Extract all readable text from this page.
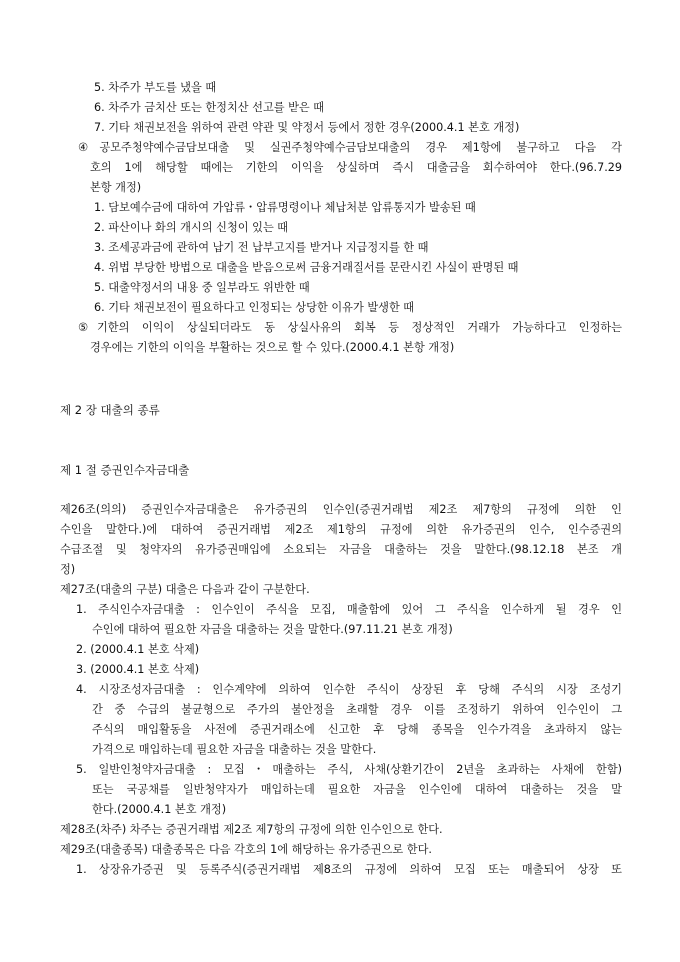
5. 차주가 부도를 냈을 때
6. 차주가 금치산 또는 한정치산 선고를 받은 때
7. 기타 채권보전을 위하여 관련 약관 및 약정서 등에서 정한 경우(2000.4.1 본호 개정)
④공모주청약예수금담보대출 및 실권주청약예수금담보대출의 경우 제1항에 불구하고 다음 각
호의 1에 해당할 때에는 기한의 이익을 상실하며 즉시 대출금을 회수하여야 한다.(96.7.29
본항 개정)
1. 담보예수금에 대하여 가압류・압류명령이나 체납처분 압류통지가 발송된 때
2. 파산이나 화의 개시의 신청이 있는 때
3. 조세공과금에 관하여 납기 전 납부고지를 받거나 지급정지를 한 때
4. 위법 부당한 방법으로 대출을 받음으로써 금융거래질서를 문란시킨 사실이 판명된 때
5. 대출약정서의 내용 중 일부라도 위반한 때
6. 기타 채권보전이 필요하다고 인정되는 상당한 이유가 발생한 때
⑤기한의 이익이 상실되더라도 동 상실사유의 회복 등 정상적인 거래가 가능하다고 인정하는
경우에는 기한의 이익을 부활하는 것으로 할 수 있다.(2000.4.1 본항 개정)
제 2 장 대출의 종류
제 1 절 증권인수자금대출
제26조(의의) 증권인수자금대출은 유가증권의 인수인(증권거래법 제2조 제7항의 규정에 의한 인
수인을 말한다.)에 대하여 증권거래법 제2조 제1항의 규정에 의한 유가증권의 인수, 인수증권의
수급조절 및 청약자의 유가증권매입에 소요되는 자금을 대출하는 것을 말한다.(98.12.18 본조 개
정)
제27조(대출의 구분) 대출은 다음과 같이 구분한다.
1. 주식인수자금대출 : 인수인이 주식을 모집, 매출함에 있어 그 주식을 인수하게 될 경우 인
수인에 대하여 필요한 자금을 대출하는 것을 말한다.(97.11.21 본호 개정)
2. (2000.4.1 본호 삭제)
3. (2000.4.1 본호 삭제)
4. 시장조성자금대출 : 인수계약에 의하여 인수한 주식이 상장된 후 당해 주식의 시장 조성기
간 중 수급의 불균형으로 주가의 불안정을 초래할 경우 이를 조정하기 위하여 인수인이 그
주식의 매입활동을 사전에 증권거래소에 신고한 후 당해 종목을 인수가격을 초과하지 않는
가격으로 매입하는데 필요한 자금을 대출하는 것을 말한다.
5. 일반인청약자금대출 : 모집・매출하는 주식, 사채(상환기간이 2년을 초과하는 사채에 한함)
또는 국공채를 일반청약자가 매입하는데 필요한 자금을 인수인에 대하여 대출하는 것을 말
한다.(2000.4.1 본호 개정)
제28조(차주) 차주는 증권거래법 제2조 제7항의 규정에 의한 인수인으로 한다.
제29조(대출종목) 대출종목은 다음 각호의 1에 해당하는 유가증권으로 한다.
1. 상장유가증권 및 등록주식(증권거래법 제8조의 규정에 의하여 모집 또는 매출되어 상장 또
